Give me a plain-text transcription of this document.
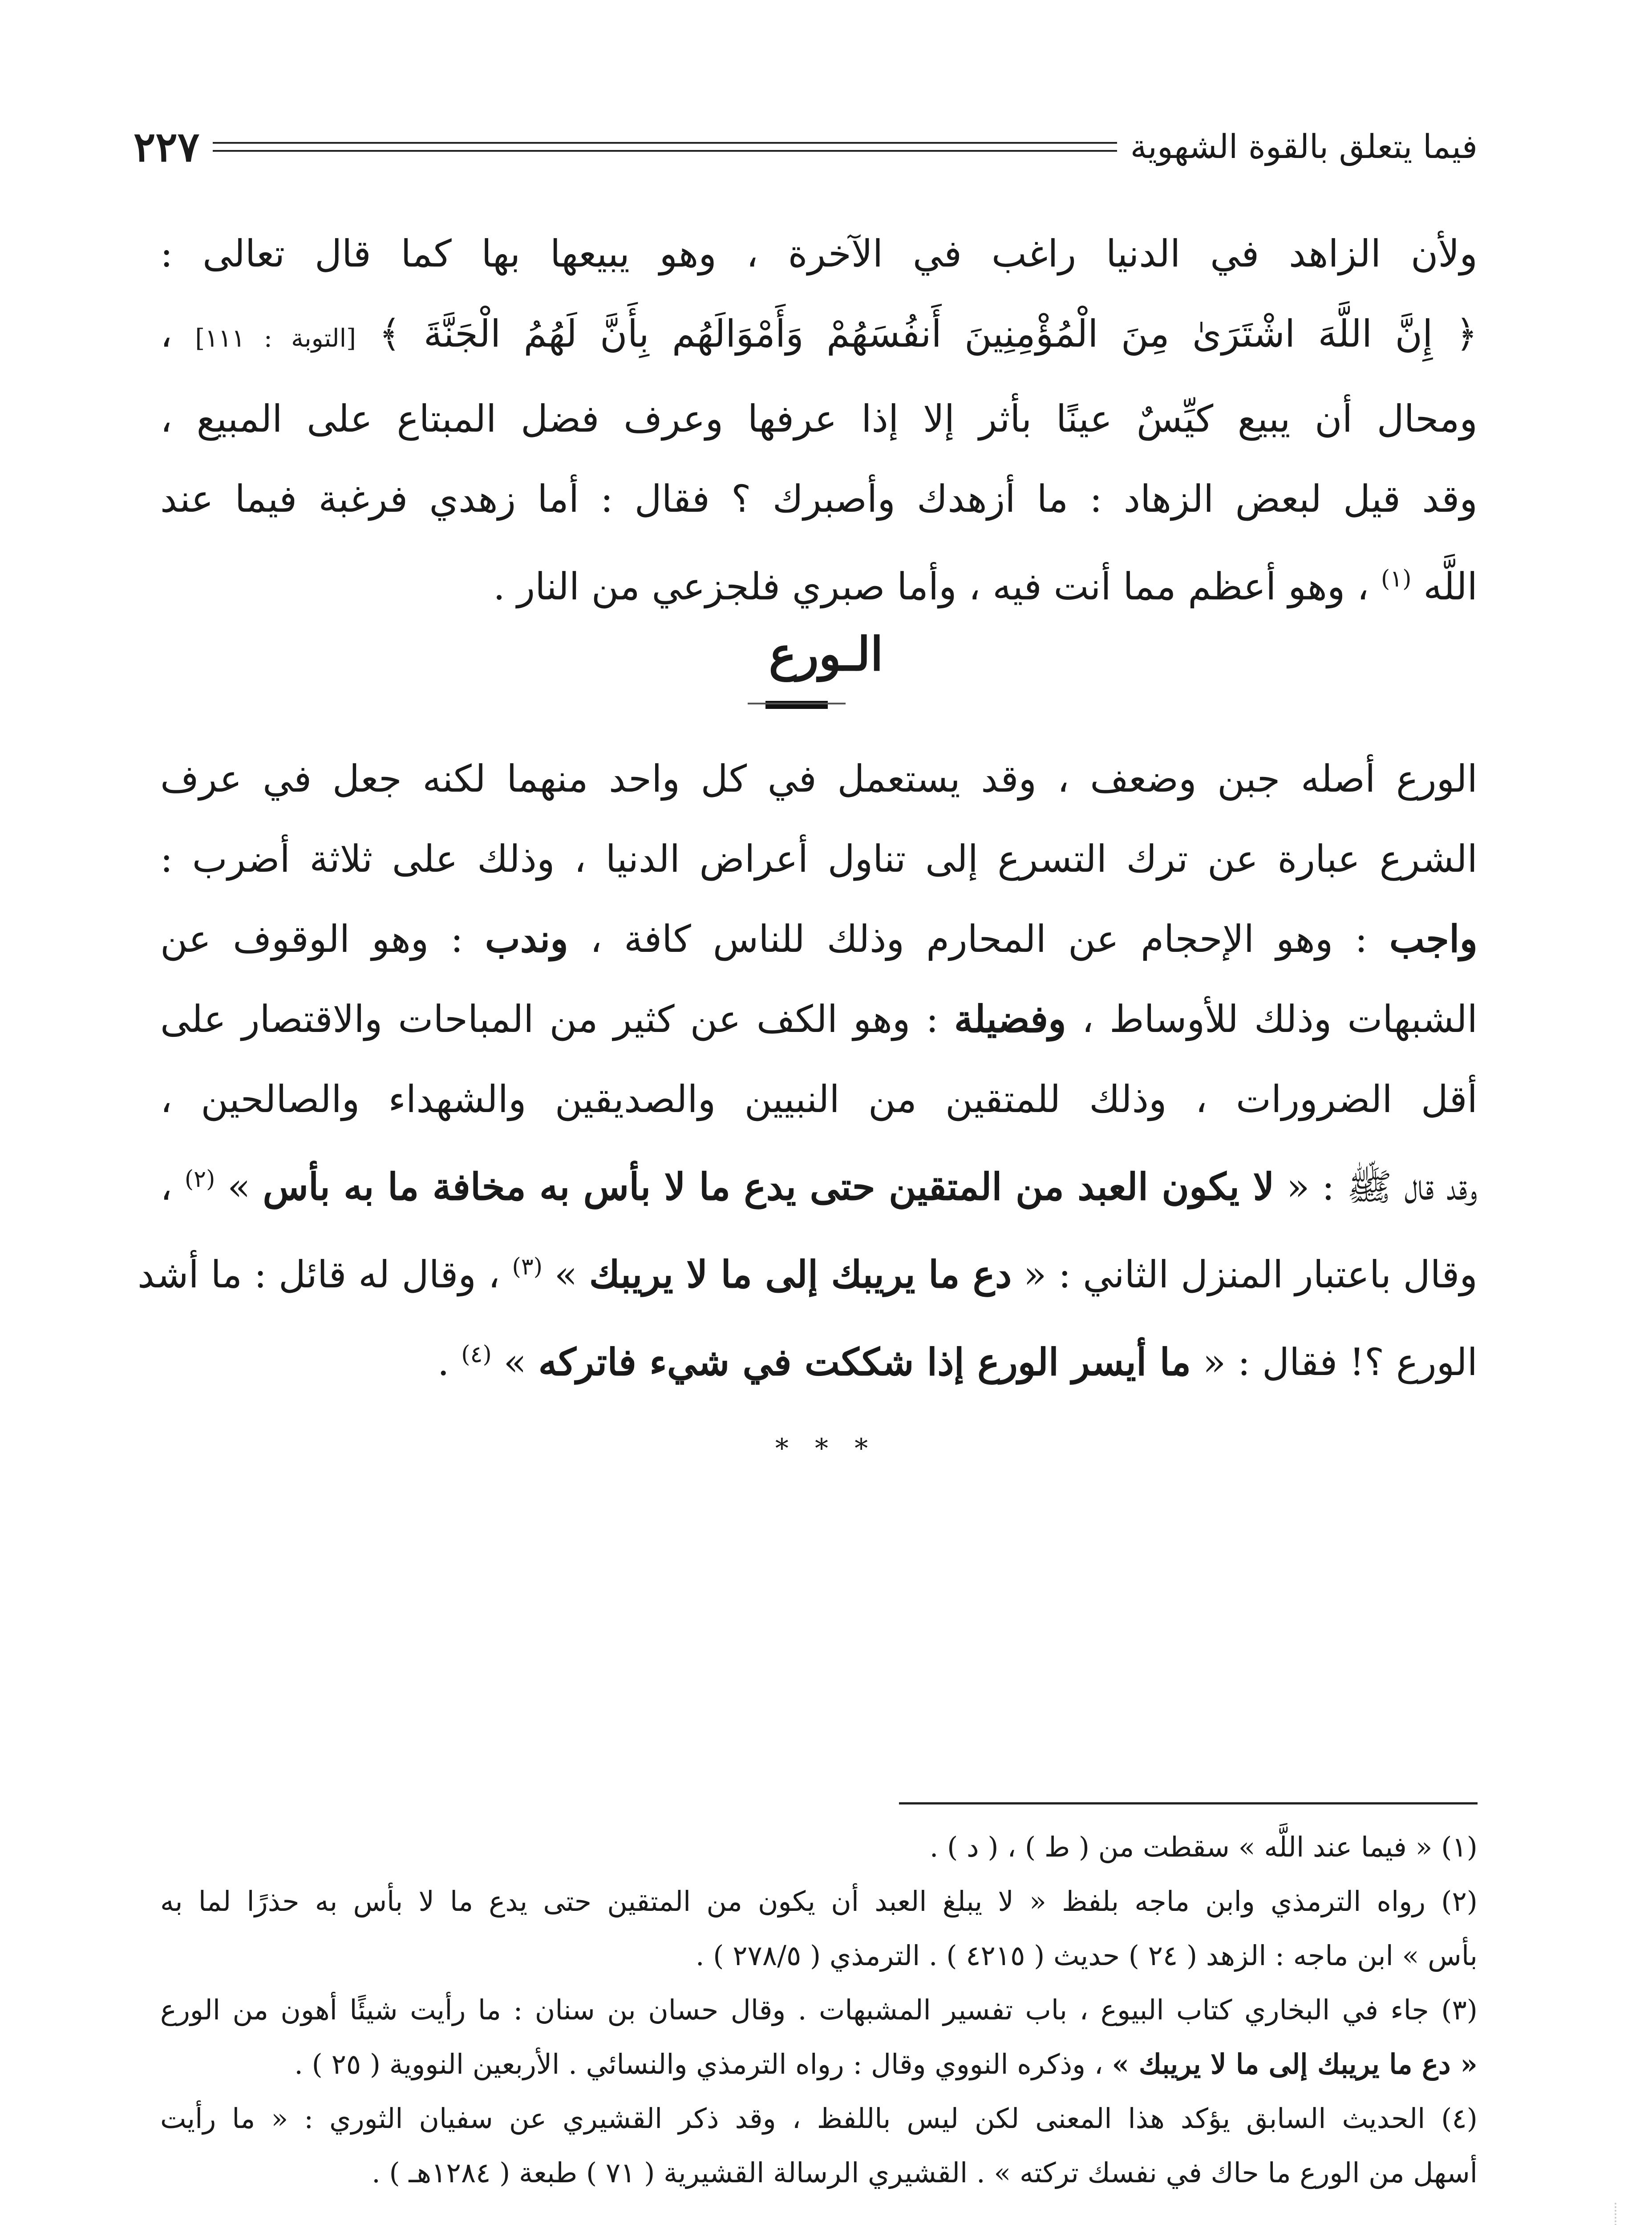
فيما يتعلق بالقوة الشهوية
٢٢٧
ولأن الزاهد في الدنيا راغب في الآخرة ، وهو يبيعها بها كما قال تعالى :
﴿ إِنَّ اللَّهَ اشْتَرَىٰ مِنَ الْمُؤْمِنِينَ أَنفُسَهُمْ وَأَمْوَالَهُم بِأَنَّ لَهُمُ الْجَنَّةَ ﴾ [التوبة : ١١١] ،
ومحال أن يبيع كيِّسٌ عينًا بأثر إلا إذا عرفها وعرف فضل المبتاع على المبيع ،
وقد قيل لبعض الزهاد : ما أزهدك وأصبرك ؟ فقال : أما زهدي فرغبة فيما عند
اللَّه $^{(١)}$ ، وهو أعظم مما أنت فيه ، وأما صبري فلجزعي من النار .
الـورع
الورع أصله جبن وضعف ، وقد يستعمل في كل واحد منهما لكنه جعل في عرف
الشرع عبارة عن ترك التسرع إلى تناول أعراض الدنيا ، وذلك على ثلاثة أضرب :
واجب : وهو الإحجام عن المحارم وذلك للناس كافة ، وندب : وهو الوقوف عن
الشبهات وذلك للأوساط ، وفضيلة : وهو الكف عن كثير من المباحات والاقتصار على
أقل الضرورات ، وذلك للمتقين من النبيين والصديقين والشهداء والصالحين ،
وقد قال ﷺ : « لا يكون العبد من المتقين حتى يدع ما لا بأس به مخافة ما به بأس » $^{(٢)}$ ،
وقال باعتبار المنزل الثاني : « دع ما يريبك إلى ما لا يريبك » $^{(٣)}$ ، وقال له قائل : ما أشد
الورع ؟! فقال : « ما أيسر الورع إذا شككت في شيء فاتركه » $^{(٤)}$ .
* * *
(١) « فيما عند اللَّه » سقطت من ( ط ) ، ( د ) .
(٢) رواه الترمذي وابن ماجه بلفظ « لا يبلغ العبد أن يكون من المتقين حتى يدع ما لا بأس به حذرًا لما به
بأس » ابن ماجه : الزهد ( ٢٤ ) حديث ( ٤٢١٥ ) . الترمذي ( ٢٧٨/٥ ) .
(٣) جاء في البخاري كتاب البيوع ، باب تفسير المشبهات . وقال حسان بن سنان : ما رأيت شيئًا أهون من الورع
« دع ما يريبك إلى ما لا يريبك » ، وذكره النووي وقال : رواه الترمذي والنسائي . الأربعين النووية ( ٢٥ ) .
(٤) الحديث السابق يؤكد هذا المعنى لكن ليس باللفظ ، وقد ذكر القشيري عن سفيان الثوري : « ما رأيت
أسهل من الورع ما حاك في نفسك تركته » . القشيري الرسالة القشيرية ( ٧١ ) طبعة ( ١٢٨٤هـ ) .
